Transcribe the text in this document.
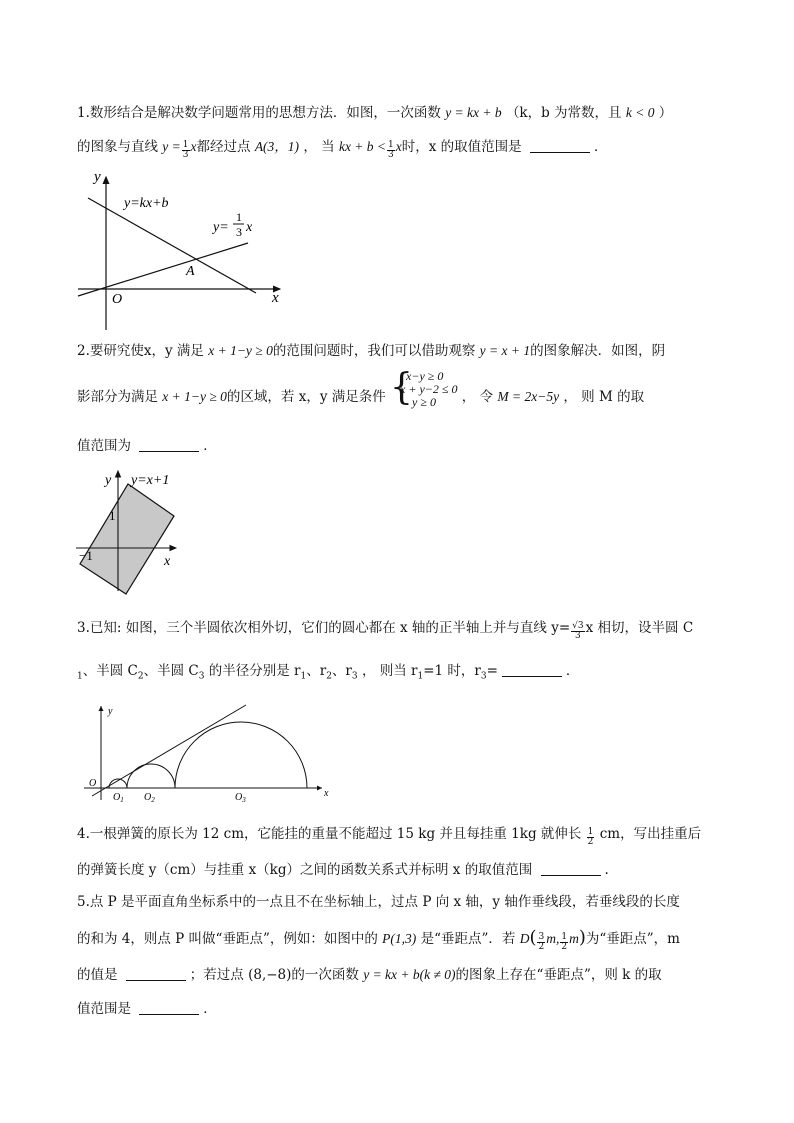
1.数形结合是解决数学问题常用的思想方法．如图，一次函数 y = kx + b （k，b 为常数，且 k < 0 ）
的图象与直线 $y = \frac{1}{3}$ x都经过点 A(3，1) ， 当 kx + $b < \frac{1}{3}$ x时，x 的取值范围是	．
y
x
O
A
y=kx+b
y=
1
3 x
2.要研究使x，y 满足 x + 1−y ≥ 0的范围问题时，我们可以借助观察 y = x + 1的图象解决．如图，阴
影部分为满足 x + 1−y ≥ 0的区域，若 x，y 满足条件 {
x−y ≥ 0
x + y−2 ≤ 0
y ≥ 0	， 令 M = 2x−5y ， 则 M 的取
值范围为	．
y y=x+1
x
1
−1
3.已知: 如图，三个半圆依次相外切，它们的圆心都在 x 轴的正半轴上并与直线 $y= \frac{√3}{3}$ x 相切，设半圆 C
$_1$、半圆 $C_2$、半圆 $C_3$ 的半径分别是 $r_1$、$r_2$、$r_3$ ， 则当 $r_1=1$ 时，$r_3=$	．
y
x
O
$O_1$ $O_2$	$O_3$
4.一根弹簧的原长为 12 cm，它能挂的重量不能超过 15 kg 并且每挂重 1kg 就伸长 $\frac{1}{2}$ cm，写出挂重后
的弹簧长度 y（cm）与挂重 x（kg）之间的函数关系式并标明 x 的取值范围	.
5.点 P 是平面直角坐标系中的一点且不在坐标轴上，过点 P 向 x 轴，y 轴作垂线段，若垂线段的长度
的和为 4，则点 P 叫做“垂距点”，例如：如图中的 P(1,3) 是“垂距点”．若 $D( \frac{3}{2} m$, $\frac{1}{2} m$)为“垂距点”，m
的值是	；若过点 (8,−8)的一次函数 y = kx + b(k ≠ 0)的图象上存在“垂距点”，则 k 的取
值范围是	．
